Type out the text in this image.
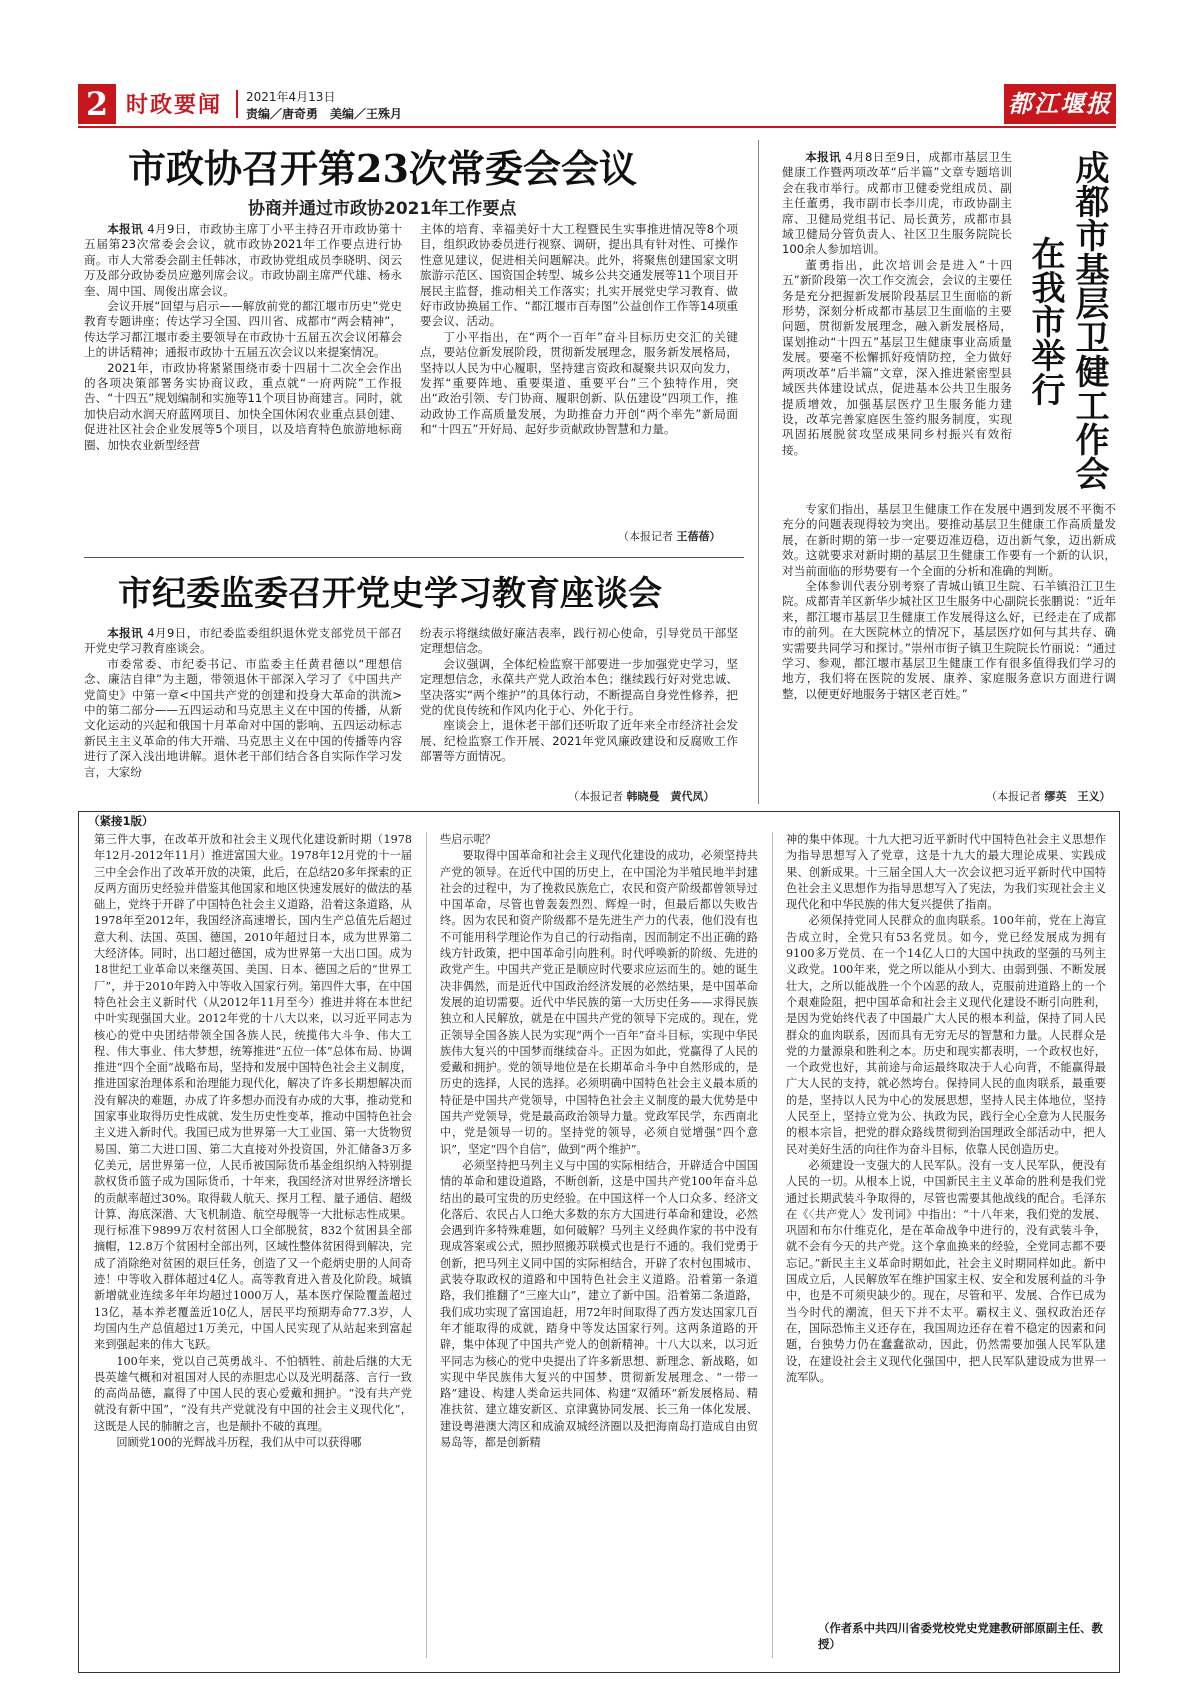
2 时政要闻 2021年4月13日
责编／唐奇勇　美编／王殊月	都江堰报
市政协召开第23次常委会会议
协商并通过市政协2021年工作要点

本报讯 4月9日，市政协主席丁小平主持召开市政协第十五届第23次常委会会议，就市政协2021年工作要点进行协商。市人大常委会副主任韩冰，市政协党组成员李晓明、闵云万及部分政协委员应邀列席会议。市政协副主席严代雄、杨永奎、周中国、周俊出席会议。

会议开展“回望与启示——解放前党的都江堰市历史”党史教育专题讲座；传达学习全国、四川省、成都市“两会精神”，传达学习都江堰市委主要领导在市政协十五届五次会议闭幕会上的讲话精神；通报市政协十五届五次会议以来提案情况。

2021年，市政协将紧紧围绕市委十四届十二次全会作出的各项决策部署务实协商议政，重点就“一府两院”工作报告、“十四五”规划编制和实施等11个项目协商建言。同时，就加快启动水润天府蓝网项目、加快全国休闲农业重点县创建、促进社区社会企业发展等5个项目，以及培育特色旅游地标商圈、加快农业新型经营

主体的培育、幸福美好十大工程暨民生实事推进情况等8个项目，组织政协委员进行视察、调研，提出具有针对性、可操作性意见建议，促进相关问题解决。此外，将聚焦创建国家文明旅游示范区、国资国企转型、城乡公共交通发展等11个项目开展民主监督，推动相关工作落实；扎实开展党史学习教育、做好市政协换届工作、“都江堰市百寿图”公益创作工作等14项重要会议、活动。

丁小平指出，在“两个一百年”奋斗目标历史交汇的关键点，要站位新发展阶段，贯彻新发展理念，服务新发展格局，坚持以人民为中心履职，坚持建言资政和凝聚共识双向发力，发挥“重要阵地、重要渠道、重要平台”三个独特作用，突出“政治引领、专门协商、履职创新、队伍建设”四项工作，推动政协工作高质量发展，为助推奋力开创“两个率先”新局面和“十四五”开好局、起好步贡献政协智慧和力量。

（本报记者 王蓓蓓）
市纪委监委召开党史学习教育座谈会

本报讯 4月9日，市纪委监委组织退休党支部党员干部召开党史学习教育座谈会。

市委常委、市纪委书记、市监委主任黄君德以“理想信念、廉洁自律”为主题，带领退休干部深入学习了《中国共产党简史》中第一章<中国共产党的创建和投身大革命的洪流>中的第二部分——五四运动和马克思主义在中国的传播，从新文化运动的兴起和俄国十月革命对中国的影响、五四运动标志新民主主义革命的伟大开端、马克思主义在中国的传播等内容进行了深入浅出地讲解。退休老干部们结合各自实际作学习发言，大家纷

纷表示将继续做好廉洁表率，践行初心使命，引导党员干部坚定理想信念。

会议强调，全体纪检监察干部要进一步加强党史学习，坚定理想信念，永葆共产党人政治本色；继续践行好对党忠诚、坚决落实“两个维护”的具体行动，不断提高自身党性修养，把党的优良传统和作风内化于心、外化于行。

座谈会上，退休老干部们还听取了近年来全市经济社会发展、纪检监察工作开展、2021年党风廉政建设和反腐败工作部署等方面情况。

（本报记者 韩晓曼　黄代凤）
成都市基层卫健工作会
在我市举行

本报讯 4月8日至9日，成都市基层卫生健康工作暨两项改革“后半篇”文章专题培训会在我市举行。成都市卫健委党组成员、副主任董勇，我市副市长李川虎，市政协副主席、卫健局党组书记、局长黄芳，成都市县域卫健局分管负责人、社区卫生服务院院长100余人参加培训。

董勇指出，此次培训会是进入“十四五”新阶段第一次工作交流会，会议的主要任务是充分把握新发展阶段基层卫生面临的新形势，深刻分析成都市基层卫生面临的主要问题，贯彻新发展理念，融入新发展格局，谋划推动“十四五”基层卫生健康事业高质量发展。要毫不松懈抓好疫情防控，全力做好两项改革“后半篇”文章，深入推进紧密型县域医共体建设试点，促进基本公共卫生服务提质增效，加强基层医疗卫生服务能力建设，改革完善家庭医生签约服务制度，实现巩固拓展脱贫攻坚成果同乡村振兴有效衔接。

专家们指出，基层卫生健康工作在发展中遇到发展不平衡不充分的问题表现得较为突出。要推动基层卫生健康工作高质量发展，在新时期的第一步一定要迈准迈稳，迈出新气象，迈出新成效。这就要求对新时期的基层卫生健康工作要有一个新的认识，对当前面临的形势要有一个全面的分析和准确的判断。

全体参训代表分别考察了青城山镇卫生院、石羊镇沿江卫生院。成都青羊区新华少城社区卫生服务中心副院长张鹏说：“近年来，都江堰市基层卫生健康工作发展得这么好，已经走在了成都市的前列。在大医院林立的情况下，基层医疗如何与其共存、确实需要共同学习和探讨。”崇州市街子镇卫生院院长竹丽说：“通过学习、参观，都江堰市基层卫生健康工作有很多值得我们学习的地方，我们将在医院的发展、康养、家庭服务意识方面进行调整，以便更好地服务于辖区老百姓。”

（本报记者 缪英　王义）
（紧接1版）

第三件大事，在改革开放和社会主义现代化建设新时期（1978年12月-2012年11月）推进富国大业。1978年12月党的十一届三中全会作出了改革开放的决策，此后，在总结20多年探索的正反两方面历史经验并借鉴其他国家和地区快速发展好的做法的基础上，党终于开辟了中国特色社会主义道路，沿着这条道路，从1978年至2012年，我国经济高速增长，国内生产总值先后超过意大利、法国、英国、德国，2010年超过日本，成为世界第二大经济体。同时，出口超过德国，成为世界第一大出口国。成为18世纪工业革命以来继英国、美国、日本、德国之后的“世界工厂”，并于2010年跨入中等收入国家行列。第四件大事，在中国特色社会主义新时代（从2012年11月至今）推进并将在本世纪中叶实现强国大业。2012年党的十八大以来，以习近平同志为核心的党中央团结带领全国各族人民，统揽伟大斗争、伟大工程、伟大事业、伟大梦想，统筹推进“五位一体”总体布局、协调推进“四个全面”战略布局，坚持和发展中国特色社会主义制度，推进国家治理体系和治理能力现代化，解决了许多长期想解决而没有解决的难题，办成了许多想办而没有办成的大事，推动党和国家事业取得历史性成就、发生历史性变革，推动中国特色社会主义进入新时代。我国已成为世界第一大工业国、第一大货物贸易国、第二大进口国、第二大直接对外投资国，外汇储备3万多亿美元，居世界第一位，人民币被国际货币基金组织纳入特别提款权货币篮子成为国际货币，十年来，我国经济对世界经济增长的贡献率超过30%。取得载人航天、探月工程、量子通信、超级计算、海底深潜、大飞机制造、航空母舰等一大批标志性成果。现行标准下9899万农村贫困人口全部脱贫，832个贫困县全部摘帽，12.8万个贫困村全部出列，区域性整体贫困得到解决，完成了消除绝对贫困的艰巨任务，创造了又一个彪炳史册的人间奇迹！中等收入群体超过4亿人。高等教育进入普及化阶段。城镇新增就业连续多年年均超过1000万人，基本医疗保险覆盖超过13亿，基本养老覆盖近10亿人，居民平均预期寿命77.3岁，人均国内生产总值超过1万美元，中国人民实现了从站起来到富起来到强起来的伟大飞跃。

100年来，党以自己英勇战斗、不怕牺牲、前赴后继的大无畏英雄气概和对祖国对人民的赤胆忠心以及光明磊落、言行一致的高尚品德，赢得了中国人民的衷心爱戴和拥护。“没有共产党就没有新中国”，“没有共产党就没有中国的社会主义现代化”，这既是人民的肺腑之言，也是颠扑不破的真理。

回顾党100的光辉战斗历程，我们从中可以获得哪

些启示呢？

要取得中国革命和社会主义现代化建设的成功，必须坚持共产党的领导。在近代中国的历史上，在中国沦为半殖民地半封建社会的过程中，为了挽救民族危亡，农民和资产阶级都曾领导过中国革命，尽管也曾轰轰烈烈、辉煌一时，但最后都以失败告终。因为农民和资产阶级都不是先进生产力的代表，他们没有也不可能用科学理论作为自己的行动指南，因而制定不出正确的路线方针政策，把中国革命引向胜利。时代呼唤新的阶级、先进的政党产生。中国共产党正是顺应时代要求应运而生的。她的诞生决非偶然，而是近代中国政治经济发展的必然结果，是中国革命发展的迫切需要。近代中华民族的第一大历史任务——求得民族独立和人民解放，就是在中国共产党的领导下完成的。现在，党正领导全国各族人民为实现“两个一百年”奋斗目标，实现中华民族伟大复兴的中国梦而继续奋斗。正因为如此，党赢得了人民的爱戴和拥护。党的领导地位是在长期革命斗争中自然形成的，是历史的选择，人民的选择。必须明确中国特色社会主义最本质的特征是中国共产党领导，中国特色社会主义制度的最大优势是中国共产党领导，党是最高政治领导力量。党政军民学，东西南北中，党是领导一切的。坚持党的领导，必须自觉增强“四个意识”，坚定“四个自信”，做到“两个维护”。

必须坚持把马列主义与中国的实际相结合，开辟适合中国国情的革命和建设道路，不断创新，这是中国共产党100年奋斗总结出的最可宝贵的历史经验。在中国这样一个人口众多、经济文化落后、农民占人口绝大多数的东方大国进行革命和建设，必然会遇到许多特殊难题，如何破解？马列主义经典作家的书中没有现成答案或公式，照抄照搬苏联模式也是行不通的。我们党勇于创新，把马列主义同中国的实际相结合，开辟了农村包围城市、武装夺取政权的道路和中国特色社会主义道路。沿着第一条道路，我们推翻了“三座大山”，建立了新中国。沿着第二条道路，我们成功实现了富国追赶，用72年时间取得了西方发达国家几百年才能取得的成就，踏身中等发达国家行列。这两条道路的开辟，集中体现了中国共产党人的创新精神。十八大以来，以习近平同志为核心的党中央提出了许多新思想、新理念、新战略，如实现中华民族伟大复兴的中国梦、贯彻新发展理念、“一带一路”建设、构建人类命运共同体、构建“双循环”新发展格局、精准扶贫、建立雄安新区、京津冀协同发展、长三角一体化发展、建设粤港澳大湾区和成渝双城经济圈以及把海南岛打造成自由贸易岛等，都是创新精

神的集中体现。十九大把习近平新时代中国特色社会主义思想作为指导思想写入了党章，这是十九大的最大理论成果、实践成果、创新成果。十三届全国人大一次会议把习近平新时代中国特色社会主义思想作为指导思想写入了宪法，为我们实现社会主义现代化和中华民族的伟大复兴提供了指南。

必须保持党同人民群众的血肉联系。100年前，党在上海宣告成立时，全党只有53名党员。如今，党已经发展成为拥有9100多万党员、在一个14亿人口的大国中执政的坚强的马列主义政党。100年来，党之所以能从小到大、由弱到强、不断发展壮大，之所以能战胜一个个凶恶的敌人，克服前进道路上的一个个艰难险阻，把中国革命和社会主义现代化建设不断引向胜利，是因为党始终代表了中国最广大人民的根本利益，保持了同人民群众的血肉联系，因而具有无穷无尽的智慧和力量。人民群众是党的力量源泉和胜利之本。历史和现实都表明，一个政权也好，一个政党也好，其前途与命运最终取决于人心向背，不能赢得最广大人民的支持，就必然垮台。保持同人民的血肉联系，最重要的是，坚持以人民为中心的发展思想，坚持人民主体地位，坚持人民至上，坚持立党为公、执政为民，践行全心全意为人民服务的根本宗旨，把党的群众路线贯彻到治国理政全部活动中，把人民对美好生活的向往作为奋斗目标，依靠人民创造历史。

必须建设一支强大的人民军队。没有一支人民军队，便没有人民的一切。从根本上说，中国新民主主义革命的胜利是我们党通过长期武装斗争取得的，尽管也需要其他战线的配合。毛泽东在《〈共产党人〉发刊词》中指出：“十八年来，我们党的发展、巩固和布尔什维克化，是在革命战争中进行的，没有武装斗争，就不会有今天的共产党。这个拿血换来的经验，全党同志都不要忘记。”新民主主义革命时期如此，社会主义时期同样如此。新中国成立后，人民解放军在维护国家主权、安全和发展利益的斗争中，也是不可须臾缺少的。现在，尽管和平、发展、合作已成为当今时代的潮流，但天下并不太平。霸权主义、强权政治还存在，国际恐怖主义还存在，我国周边还存在着不稳定的因素和问题，台独势力仍在蠢蠢欲动，因此，仍然需要加强人民军队建设，在建设社会主义现代化强国中，把人民军队建设成为世界一流军队。

（作者系中共四川省委党校党史党建教研部原副主任、教授）
